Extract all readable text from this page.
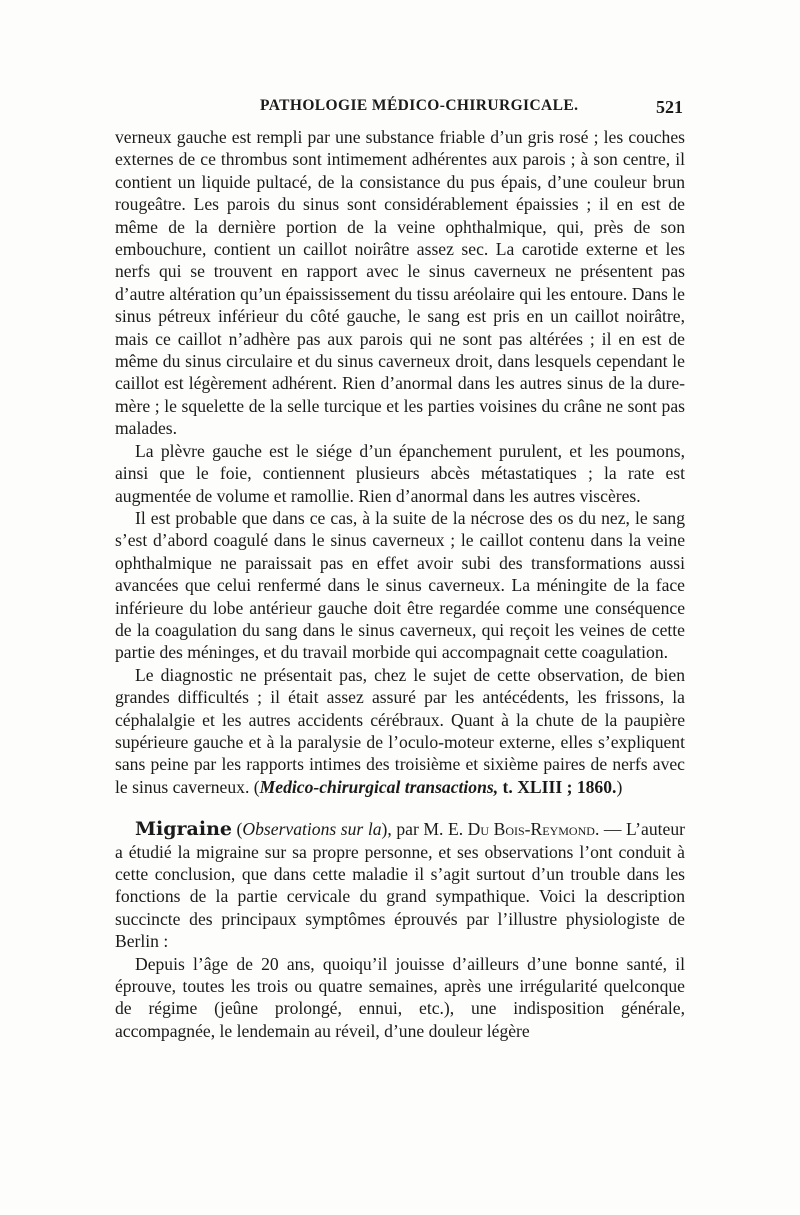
PATHOLOGIE MÉDICO-CHIRURGICALE.	521

verneux gauche est rempli par une substance friable d’un gris rosé ; les couches externes de ce thrombus sont intimement adhérentes aux parois ; à son centre, il contient un liquide pultacé, de la consistance du pus épais, d’une couleur brun rougeâtre. Les parois du sinus sont considérablement épaissies ; il en est de même de la dernière portion de la veine ophthalmique, qui, près de son embouchure, contient un caillot noirâtre assez sec. La carotide externe et les nerfs qui se trouvent en rapport avec le sinus caverneux ne présentent pas d’autre altération qu’un épaississement du tissu aréolaire qui les entoure. Dans le sinus pétreux inférieur du côté gauche, le sang est pris en un caillot noirâtre, mais ce caillot n’adhère pas aux parois qui ne sont pas altérées ; il en est de même du sinus circulaire et du sinus caverneux droit, dans lesquels cependant le caillot est légèrement adhérent. Rien d’anormal dans les autres sinus de la dure-mère ; le squelette de la selle turcique et les parties voisines du crâne ne sont pas malades.

La plèvre gauche est le siége d’un épanchement purulent, et les poumons, ainsi que le foie, contiennent plusieurs abcès métastatiques ; la rate est augmentée de volume et ramollie. Rien d’anormal dans les autres viscères.

Il est probable que dans ce cas, à la suite de la nécrose des os du nez, le sang s’est d’abord coagulé dans le sinus caverneux ; le caillot contenu dans la veine ophthalmique ne paraissait pas en effet avoir subi des transformations aussi avancées que celui renfermé dans le sinus caverneux. La méningite de la face inférieure du lobe antérieur gauche doit être regardée comme une conséquence de la coagulation du sang dans le sinus caverneux, qui reçoit les veines de cette partie des méninges, et du travail morbide qui accompagnait cette coagulation.

Le diagnostic ne présentait pas, chez le sujet de cette observation, de bien grandes difficultés ; il était assez assuré par les antécédents, les frissons, la céphalalgie et les autres accidents cérébraux. Quant à la chute de la paupière supérieure gauche et à la paralysie de l’oculo-moteur externe, elles s’expliquent sans peine par les rapports intimes des troisième et sixième paires de nerfs avec le sinus caverneux. (Medico-chirurgical transactions, t. XLIII ; 1860.)

Migraine (Observations sur la), par M. E. Du Bois-Reymond. — L’auteur a étudié la migraine sur sa propre personne, et ses observations l’ont conduit à cette conclusion, que dans cette maladie il s’agit surtout d’un trouble dans les fonctions de la partie cervicale du grand sympathique. Voici la description succincte des principaux symptômes éprouvés par l’illustre physiologiste de Berlin :

Depuis l’âge de 20 ans, quoiqu’il jouisse d’ailleurs d’une bonne santé, il éprouve, toutes les trois ou quatre semaines, après une irrégularité quelconque de régime (jeûne prolongé, ennui, etc.), une indisposition générale, accompagnée, le lendemain au réveil, d’une douleur légère
